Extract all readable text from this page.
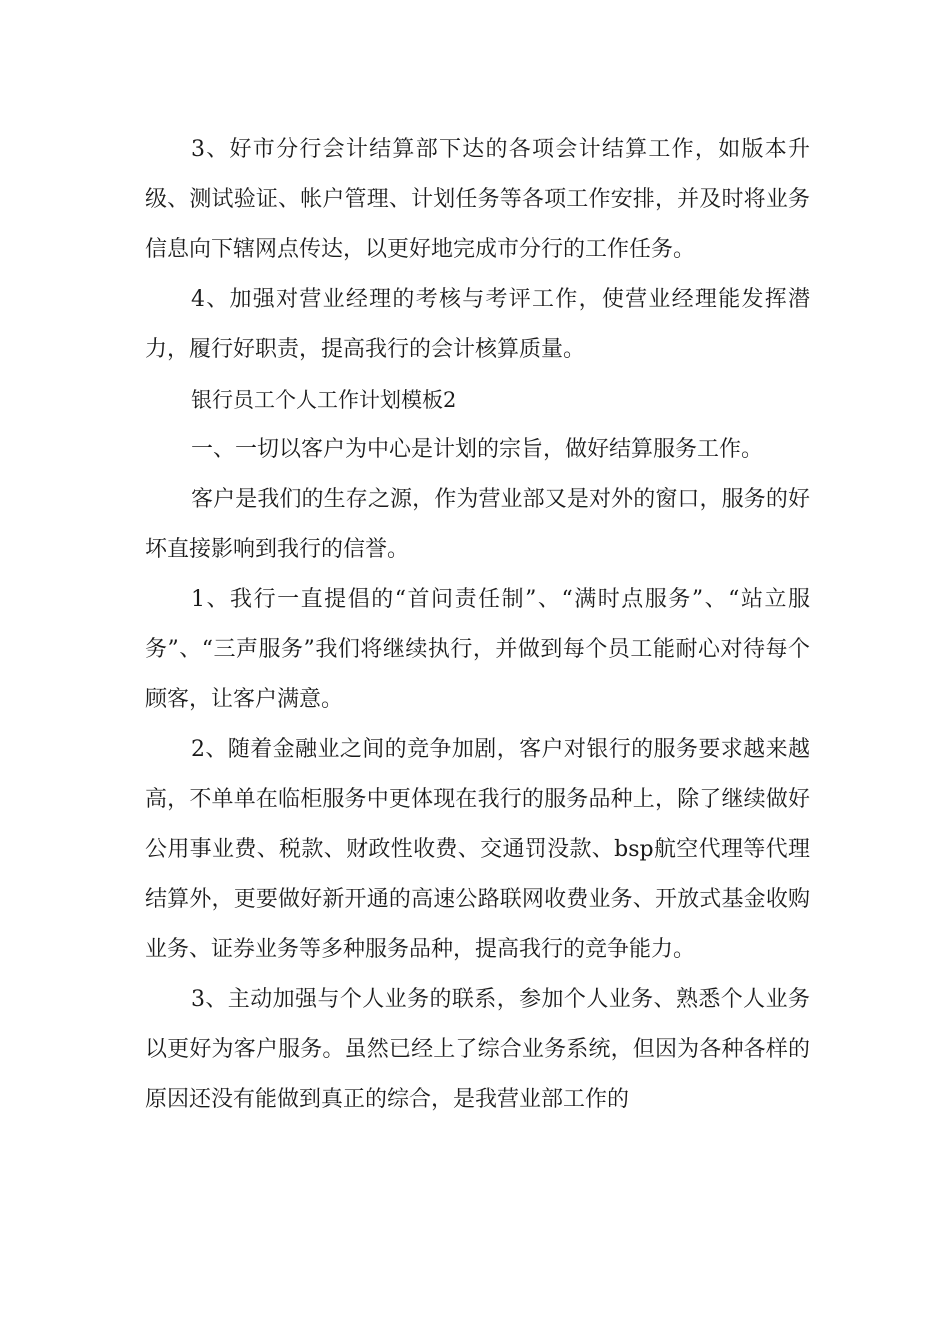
3、好市分行会计结算部下达的各项会计结算工作，如版本升级、测试验证、帐户管理、计划任务等各项工作安排，并及时将业务信息向下辖网点传达，以更好地完成市分行的工作任务。

4、加强对营业经理的考核与考评工作，使营业经理能发挥潜力，履行好职责，提高我行的会计核算质量。

银行员工个人工作计划模板2

一、一切以客户为中心是计划的宗旨，做好结算服务工作。

客户是我们的生存之源，作为营业部又是对外的窗口，服务的好坏直接影响到我行的信誉。

1、我行一直提倡的“首问责任制”、“满时点服务”、“站立服务”、“三声服务”我们将继续执行，并做到每个员工能耐心对待每个顾客，让客户满意。

2、随着金融业之间的竞争加剧，客户对银行的服务要求越来越高，不单单在临柜服务中更体现在我行的服务品种上，除了继续做好公用事业费、税款、财政性收费、交通罚没款、bsp航空代理等代理结算外，更要做好新开通的高速公路联网收费业务、开放式基金收购业务、证券业务等多种服务品种，提高我行的竞争能力。

3、主动加强与个人业务的联系，参加个人业务、熟悉个人业务以更好为客户服务。虽然已经上了综合业务系统，但因为各种各样的原因还没有能做到真正的综合，是我营业部工作的
